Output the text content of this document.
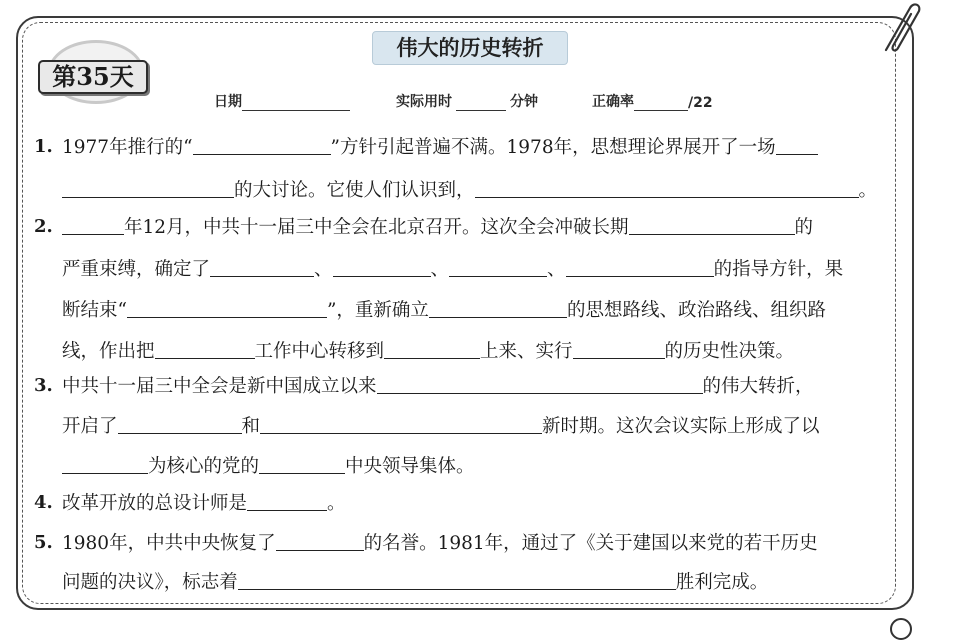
第35天
伟大的历史转折
日期	实际用时	分钟	正确率	/22
1. 1977年推行的“	”方针引起普遍不满。1978年，思想理论界展开了一场
的大讨论。它使人们认识到，	。
2.	年12月，中共十一届三中全会在北京召开。这次全会冲破长期	的
严重束缚，确定了	、	、	、	的指导方针，果
断结束“	”，重新确立	的思想路线、政治路线、组织路
线，作出把	工作中心转移到	上来、实行	的历史性决策。
3. 中共十一届三中全会是新中国成立以来	的伟大转折，
开启了	和	新时期。这次会议实际上形成了以
为核心的党的	中央领导集体。
4. 改革开放的总设计师是	。
5. 1980年，中共中央恢复了	的名誉。1981年，通过了《关于建国以来党的若干历史
问题的决议》，标志着	胜利完成。
